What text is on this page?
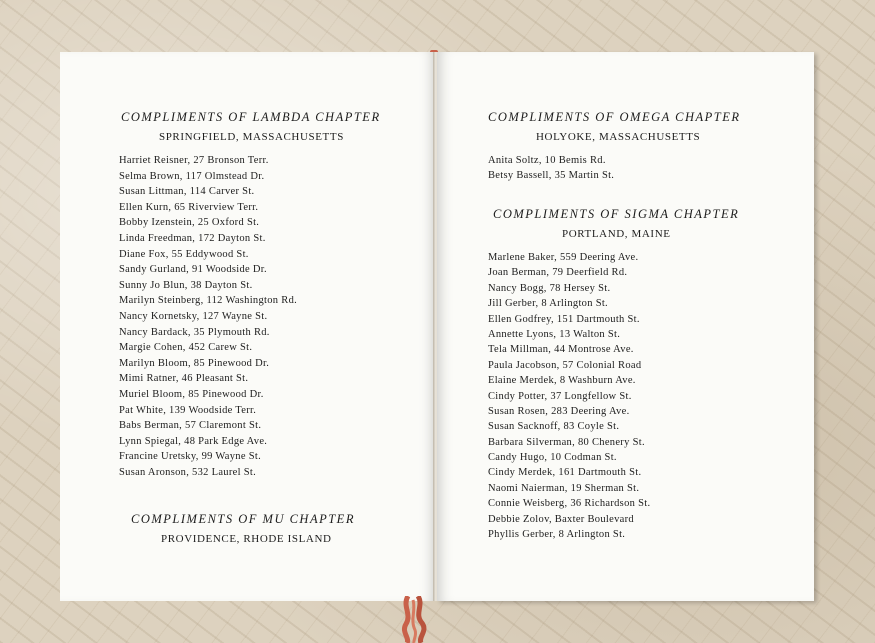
COMPLIMENTS OF LAMBDA CHAPTER
SPRINGFIELD, MASSACHUSETTS
Harriet Reisner, 27 Bronson Terr.
Selma Brown, 117 Olmstead Dr.
Susan Littman, 114 Carver St.
Ellen Kurn, 65 Riverview Terr.
Bobby Izenstein, 25 Oxford St.
Linda Freedman, 172 Dayton St.
Diane Fox, 55 Eddywood St.
Sandy Gurland, 91 Woodside Dr.
Sunny Jo Blun, 38 Dayton St.
Marilyn Steinberg, 112 Washington Rd.
Nancy Kornetsky, 127 Wayne St.
Nancy Bardack, 35 Plymouth Rd.
Margie Cohen, 452 Carew St.
Marilyn Bloom, 85 Pinewood Dr.
Mimi Ratner, 46 Pleasant St.
Muriel Bloom, 85 Pinewood Dr.
Pat White, 139 Woodside Terr.
Babs Berman, 57 Claremont St.
Lynn Spiegal, 48 Park Edge Ave.
Francine Uretsky, 99 Wayne St.
Susan Aronson, 532 Laurel St.
COMPLIMENTS OF MU CHAPTER
PROVIDENCE, RHODE ISLAND
COMPLIMENTS OF OMEGA CHAPTER
HOLYOKE, MASSACHUSETTS
Anita Soltz, 10 Bemis Rd.
Betsy Bassell, 35 Martin St.
COMPLIMENTS OF SIGMA CHAPTER
PORTLAND, MAINE
Marlene Baker, 559 Deering Ave.
Joan Berman, 79 Deerfield Rd.
Nancy Bogg, 78 Hersey St.
Jill Gerber, 8 Arlington St.
Ellen Godfrey, 151 Dartmouth St.
Annette Lyons, 13 Walton St.
Tela Millman, 44 Montrose Ave.
Paula Jacobson, 57 Colonial Road
Elaine Merdek, 8 Washburn Ave.
Cindy Potter, 37 Longfellow St.
Susan Rosen, 283 Deering Ave.
Susan Sacknoff, 83 Coyle St.
Barbara Silverman, 80 Chenery St.
Candy Hugo, 10 Codman St.
Cindy Merdek, 161 Dartmouth St.
Naomi Naierman, 19 Sherman St.
Connie Weisberg, 36 Richardson St.
Debbie Zolov, Baxter Boulevard
Phyllis Gerber, 8 Arlington St.
